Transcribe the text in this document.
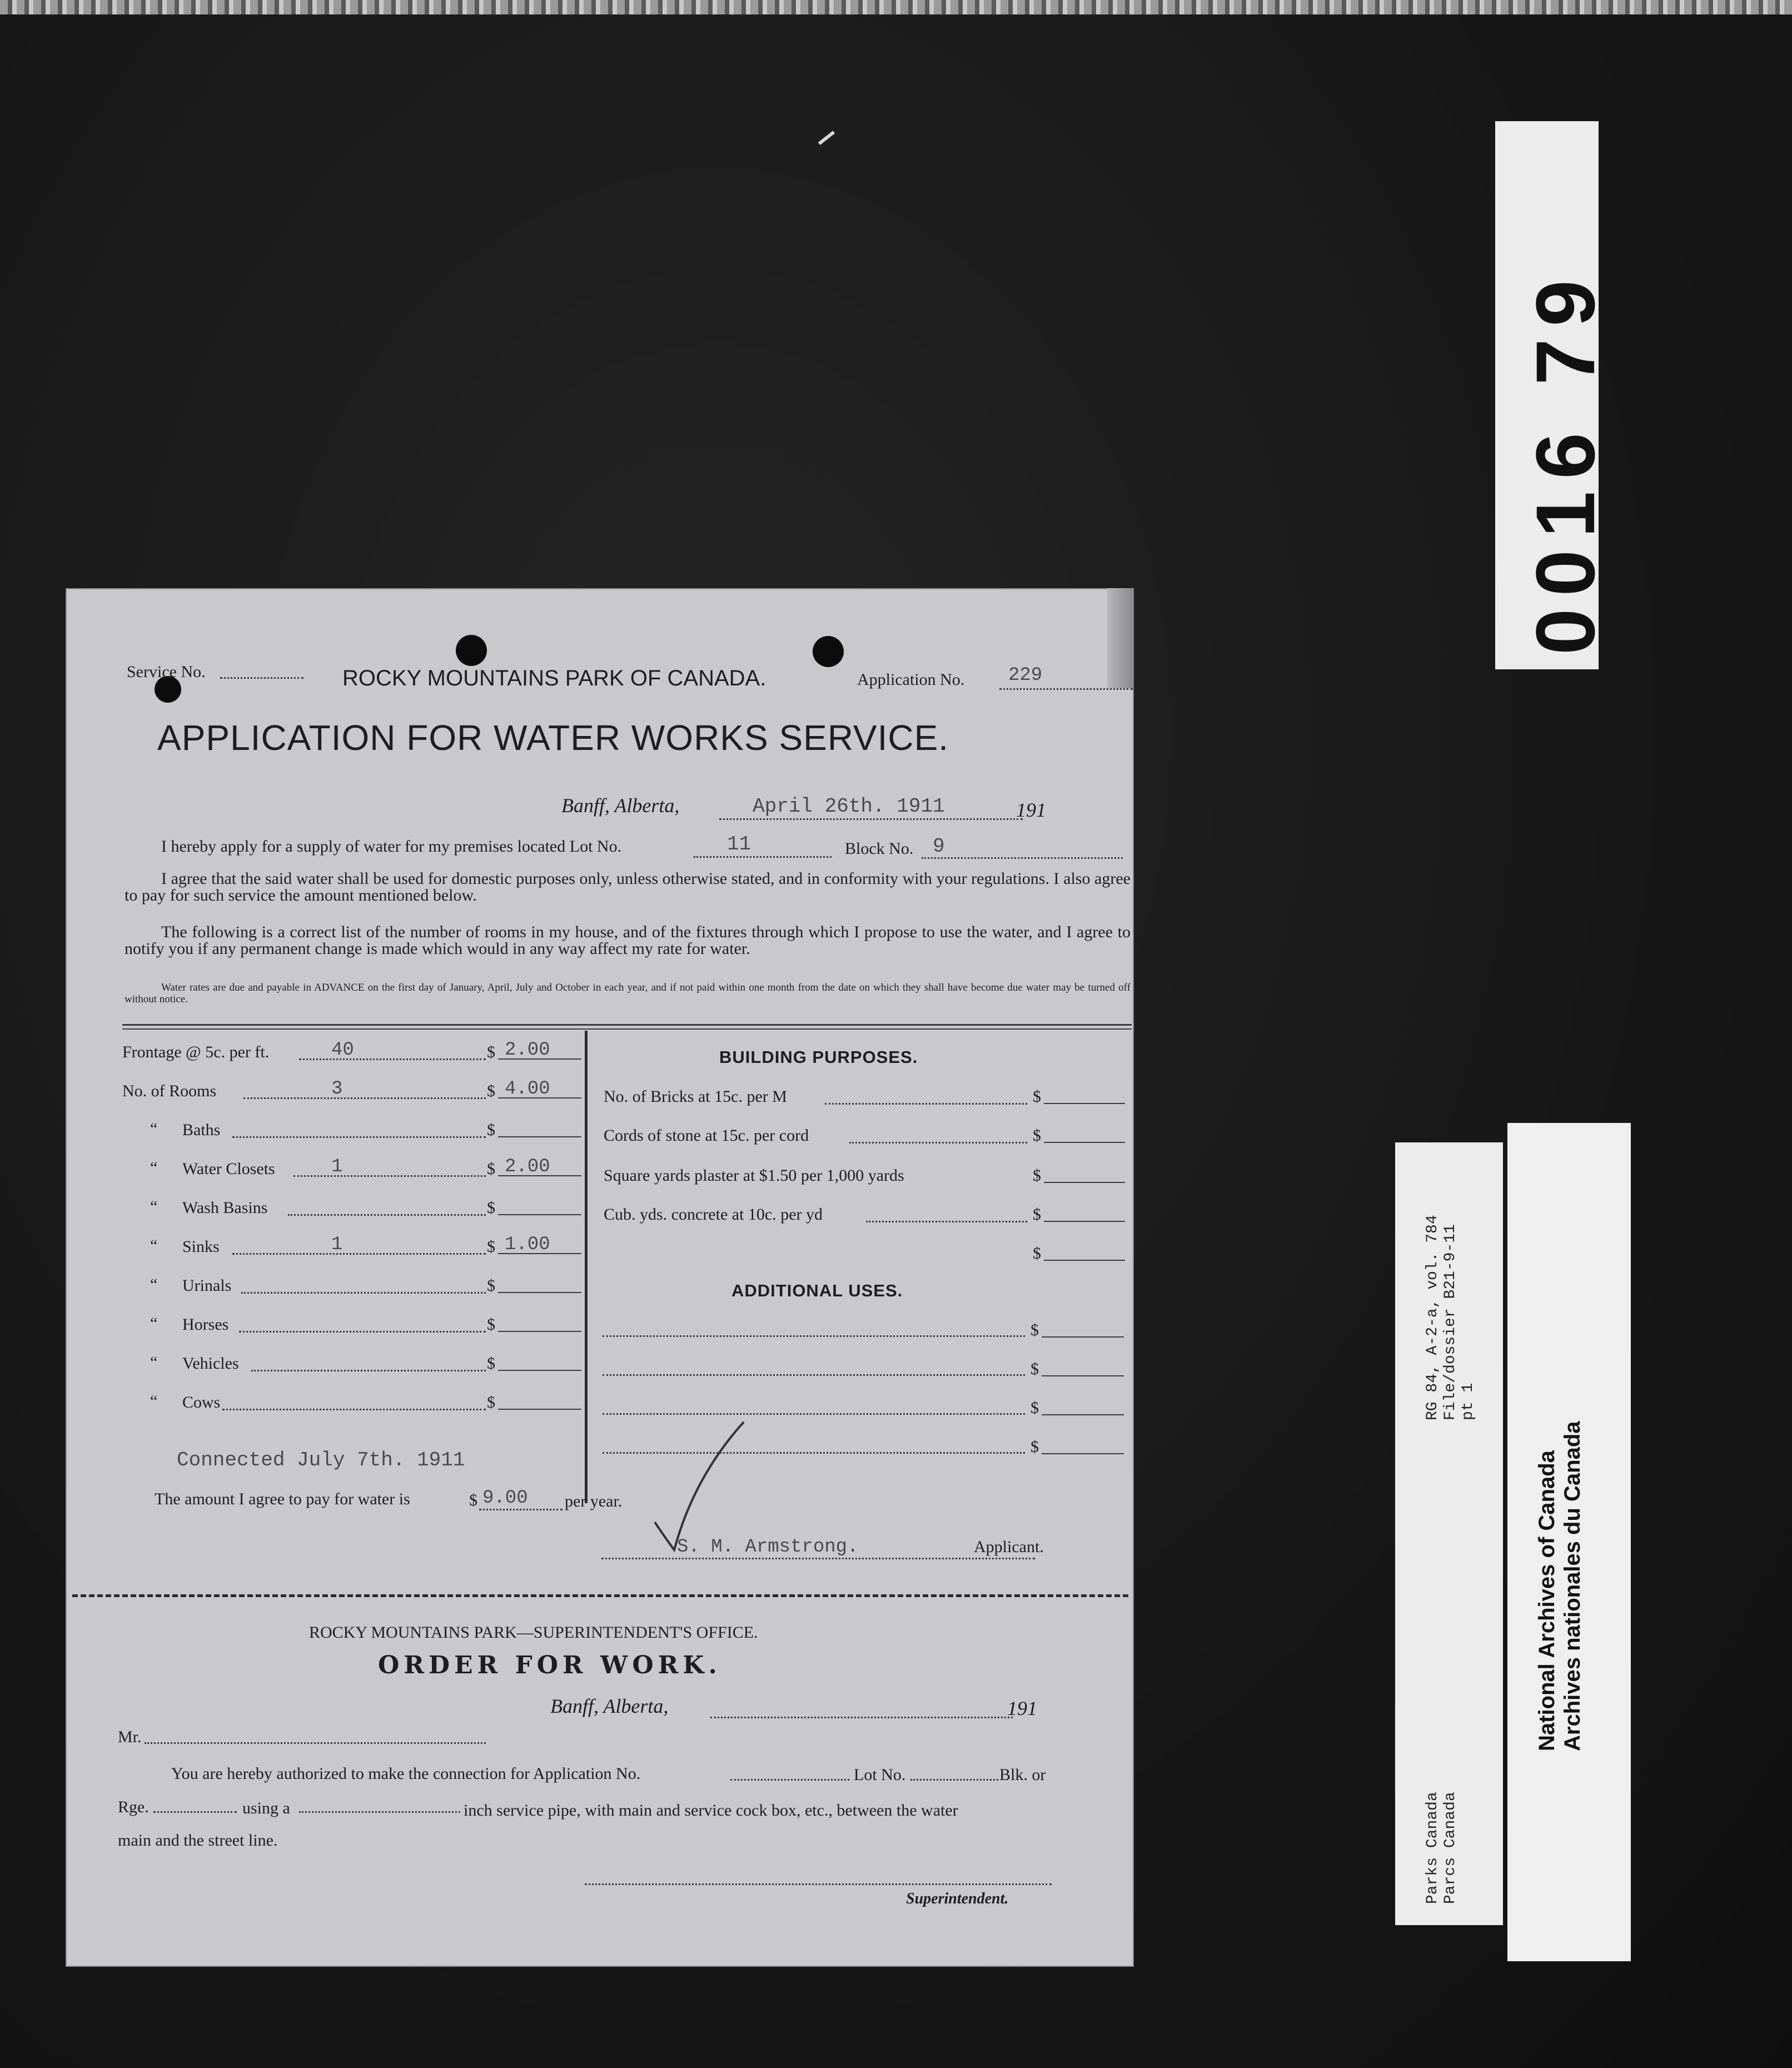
0016 79
RG 84, A-2-a, vol. 784 File/dossier B21-9-11 pt 1
Parks Canada Parcs Canada
National Archives of Canada Archives nationales du Canada
Service No.	ROCKY MOUNTAINS PARK OF CANADA.	Application No. 229
APPLICATION FOR WATER WORKS SERVICE.
Banff, Alberta,	April 26th. 1911	191
I hereby apply for a supply of water for my premises located Lot No.	11	Block No. 9
I agree that the said water shall be used for domestic purposes only, unless otherwise stated, and in conformity with your regulations. I also agree to pay for such service the amount mentioned below.
The following is a correct list of the number of rooms in my house, and of the fixtures through which I propose to use the water, and I agree to notify you if any permanent change is made which would in any way affect my rate for water.
Water rates are due and payable in ADVANCE on the first day of January, April, July and October in each year, and if not paid within one month from the date on which they shall have become due water may be turned off without notice.
Frontage @ 5c. per ft.	40	$ 2.00
No. of Rooms	3	$ 4.00
“ Baths	$
“ Water Closets	1	$ 2.00
“ Wash Basins	$
“ Sinks	1	$ 1.00
“ Urinals	$
“ Horses	$
“ Vehicles	$
“ Cows	$
Connected July 7th. 1911
BUILDING PURPOSES.
No. of Bricks at 15c. per M	$
Cords of stone at 15c. per cord	$
Square yards plaster at $1.50 per 1,000 yards	$
Cub. yds. concrete at 10c. per yd	$
$
ADDITIONAL USES.
$
$
$
$
The amount I agree to pay for water is	$ 9.00 per year.
S. M. Armstrong.	Applicant.
ROCKY MOUNTAINS PARK—SUPERINTENDENT'S OFFICE.
ORDER FOR WORK.
Banff, Alberta,	191
Mr.
You are hereby authorized to make the connection for Application No.	Lot No.	Blk. or
Rge.	using a	inch service pipe, with main and service cock box, etc., between the water
main and the street line.
Superintendent.
